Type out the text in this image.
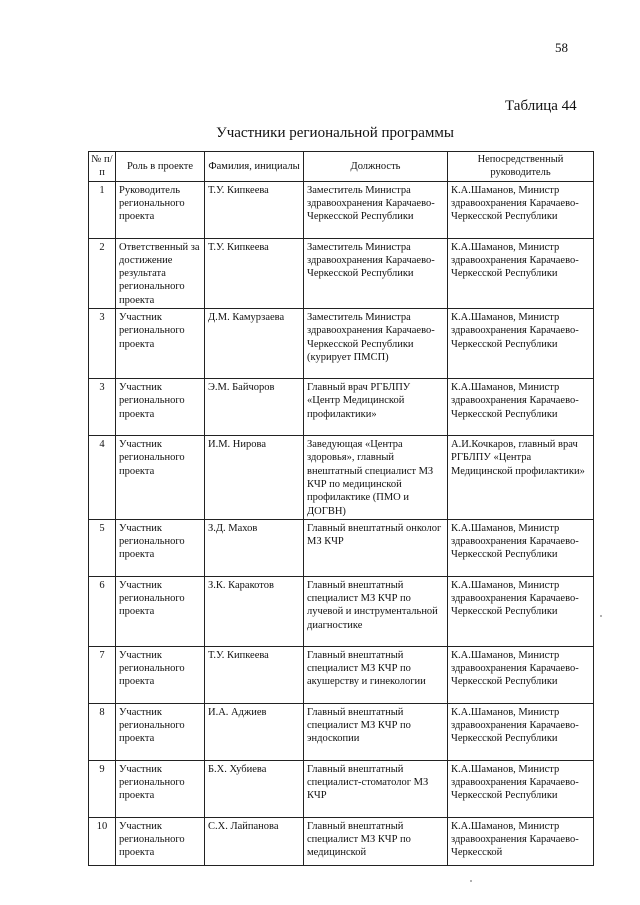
58
Таблица 44
Участники региональной программы
№ п/п	Роль в проекте	Фамилия, инициалы	Должность	Непосредственный руководитель
1	Руководитель регионального проекта	Т.У. Кипкеева	Заместитель Министра здравоохранения Карачаево-Черкесской Республики	К.А.Шаманов, Министр здравоохранения Карачаево-Черкесской Республики
2	Ответственный за достижение результата регионального проекта	Т.У. Кипкеева	Заместитель Министра здравоохранения Карачаево-Черкесской Республики	К.А.Шаманов, Министр здравоохранения Карачаево-Черкесской Республики
3	Участник регионального проекта	Д.М. Камурзаева	Заместитель Министра здравоохранения Карачаево-Черкесской Республики (курирует ПМСП)	К.А.Шаманов, Министр здравоохранения Карачаево-Черкесской Республики
3	Участник регионального проекта	Э.М. Байчоров	Главный врач РГБЛПУ «Центр Медицинской профилактики»	К.А.Шаманов, Министр здравоохранения Карачаево-Черкесской Республики
4	Участник регионального проекта	И.М. Нирова	Заведующая «Центра здоровья», главный внештатный специалист МЗ КЧР по медицинской профилактике (ПМО и ДОГВН)	А.И.Кочкаров, главный врач РГБЛПУ «Центра Медицинской профилактики»
5	Участник регионального проекта	З.Д. Махов	Главный внештатный онколог МЗ КЧР	К.А.Шаманов, Министр здравоохранения Карачаево-Черкесской Республики
6	Участник регионального проекта	З.К. Каракотов	Главный внештатный специалист МЗ КЧР по лучевой и инструментальной диагностике	К.А.Шаманов, Министр здравоохранения Карачаево-Черкесской Республики
7	Участник регионального проекта	Т.У. Кипкеева	Главный внештатный специалист МЗ КЧР по акушерству и гинекологии	К.А.Шаманов, Министр здравоохранения Карачаево-Черкесской Республики
8	Участник регионального проекта	И.А. Аджиев	Главный внештатный специалист МЗ КЧР по эндоскопии	К.А.Шаманов, Министр здравоохранения Карачаево-Черкесской Республики
9	Участник регионального проекта	Б.Х. Хубиева	Главный внештатный специалист-стоматолог МЗ КЧР	К.А.Шаманов, Министр здравоохранения Карачаево-Черкесской Республики
10	Участник регионального проекта	С.Х. Лайпанова	Главный внештатный специалист МЗ КЧР по медицинской	К.А.Шаманов, Министр здравоохранения Карачаево-Черкесской
